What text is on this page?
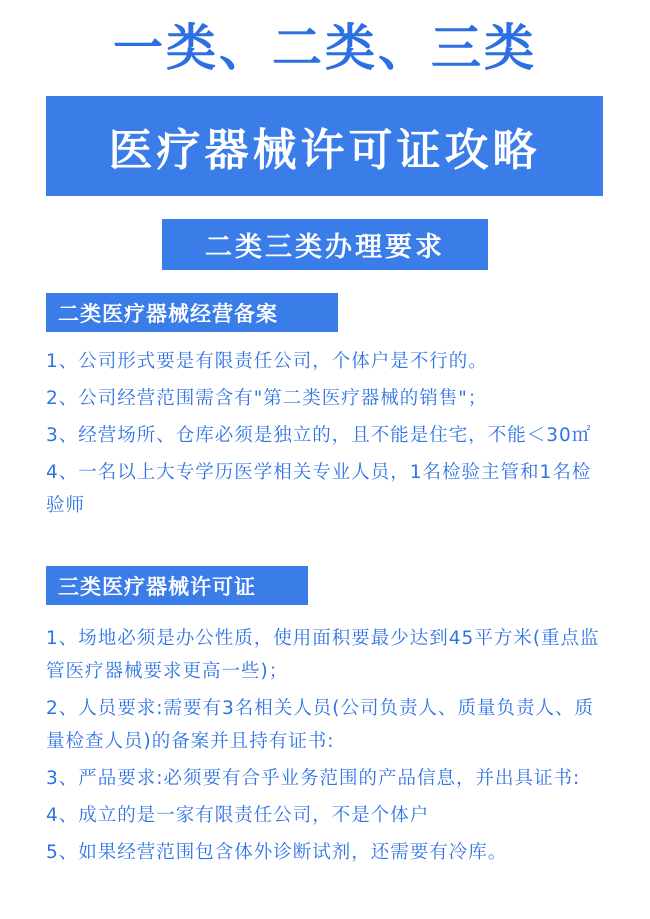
一类、二类、三类
医疗器械许可证攻略
二类三类办理要求
二类医疗器械经营备案
1、公司形式要是有限责任公司，个体户是不行的。
2、公司经营范围需含有"第二类医疗器械的销售"；
3、经营场所、仓库必须是独立的，且不能是住宅，不能＜30㎡
4、一名以上大专学历医学相关专业人员，1名检验主管和1名检验师
三类医疗器械许可证
1、场地必须是办公性质，使用面积要最少达到45平方米(重点监管医疗器械要求更高一些)；
2、人员要求:需要有3名相关人员(公司负责人、质量负责人、质量检查人员)的备案并且持有证书:
3、严品要求:必须要有合乎业务范围的产品信息，并出具证书:
4、成立的是一家有限责任公司，不是个体户
5、如果经营范围包含体外诊断试剂，还需要有冷库。
